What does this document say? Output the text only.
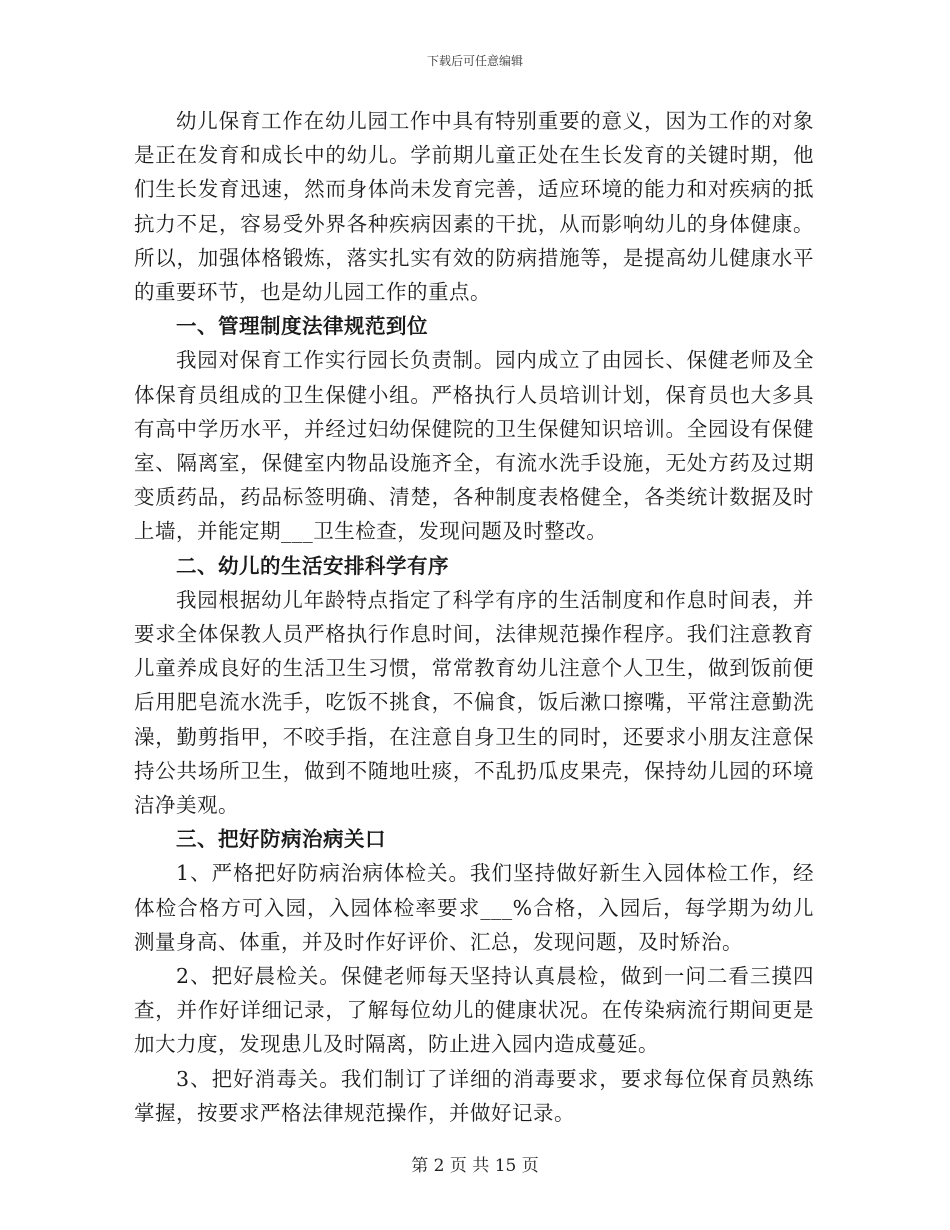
下载后可任意编辑

幼儿保育工作在幼儿园工作中具有特别重要的意义，因为工作的对象是正在发育和成长中的幼儿。学前期儿童正处在生长发育的关键时期，他们生长发育迅速，然而身体尚未发育完善，适应环境的能力和对疾病的抵抗力不足，容易受外界各种疾病因素的干扰，从而影响幼儿的身体健康。所以，加强体格锻炼，落实扎实有效的防病措施等，是提高幼儿健康水平的重要环节，也是幼儿园工作的重点。

一、管理制度法律规范到位

我园对保育工作实行园长负责制。园内成立了由园长、保健老师及全体保育员组成的卫生保健小组。严格执行人员培训计划，保育员也大多具有高中学历水平，并经过妇幼保健院的卫生保健知识培训。全园设有保健室、隔离室，保健室内物品设施齐全，有流水洗手设施，无处方药及过期变质药品，药品标签明确、清楚，各种制度表格健全，各类统计数据及时上墙，并能定期___卫生检查，发现问题及时整改。

二、幼儿的生活安排科学有序

我园根据幼儿年龄特点指定了科学有序的生活制度和作息时间表，并要求全体保教人员严格执行作息时间，法律规范操作程序。我们注意教育儿童养成良好的生活卫生习惯，常常教育幼儿注意个人卫生，做到饭前便后用肥皂流水洗手，吃饭不挑食，不偏食，饭后漱口擦嘴，平常注意勤洗澡，勤剪指甲，不咬手指，在注意自身卫生的同时，还要求小朋友注意保持公共场所卫生，做到不随地吐痰，不乱扔瓜皮果壳，保持幼儿园的环境洁净美观。

三、把好防病治病关口

1、严格把好防病治病体检关。我们坚持做好新生入园体检工作，经体检合格方可入园，入园体检率要求___%合格，入园后，每学期为幼儿测量身高、体重，并及时作好评价、汇总，发现问题，及时矫治。

2、把好晨检关。保健老师每天坚持认真晨检，做到一问二看三摸四查，并作好详细记录，了解每位幼儿的健康状况。在传染病流行期间更是加大力度，发现患儿及时隔离，防止进入园内造成蔓延。

3、把好消毒关。我们制订了详细的消毒要求，要求每位保育员熟练掌握，按要求严格法律规范操作，并做好记录。

第 2 页 共 15 页
